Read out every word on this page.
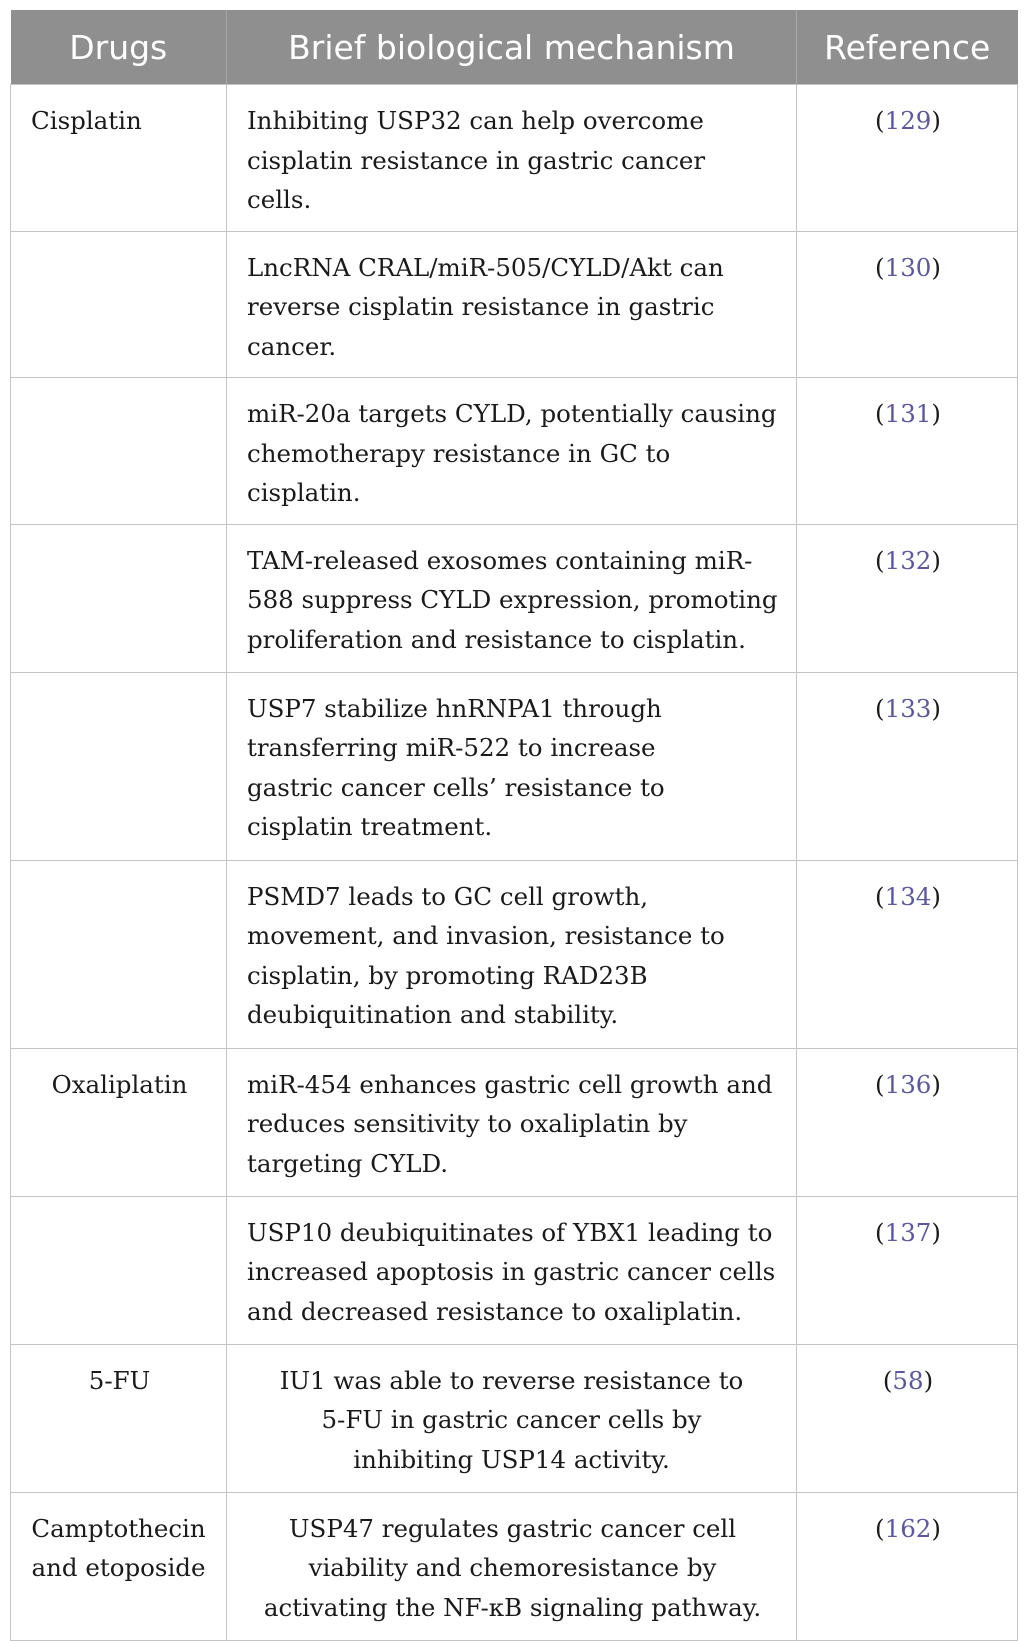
Drugs	Brief biological mechanism	Reference
Cisplatin	Inhibiting USP32 can help overcome cisplatin resistance in gastric cancer cells.	(129)
	LncRNA CRAL/miR-505/CYLD/Akt can reverse cisplatin resistance in gastric cancer.	(130)
	miR-20a targets CYLD, potentially causing chemotherapy resistance in GC to cisplatin.	(131)
	TAM-released exosomes containing miR-588 suppress CYLD expression, promoting proliferation and resistance to cisplatin.	(132)
	USP7 stabilize hnRNPA1 through transferring miR-522 to increase gastric cancer cells’ resistance to cisplatin treatment.	(133)
	PSMD7 leads to GC cell growth, movement, and invasion, resistance to cisplatin, by promoting RAD23B deubiquitination and stability.	(134)
Oxaliplatin	miR-454 enhances gastric cell growth and reduces sensitivity to oxaliplatin by targeting CYLD.	(136)
	USP10 deubiquitinates of YBX1 leading to increased apoptosis in gastric cancer cells and decreased resistance to oxaliplatin.	(137)
5-FU	IU1 was able to reverse resistance to 5-FU in gastric cancer cells by inhibiting USP14 activity.	(58)
Camptothecin and etoposide	USP47 regulates gastric cancer cell viability and chemoresistance by activating the NF-κB signaling pathway.	(162)
